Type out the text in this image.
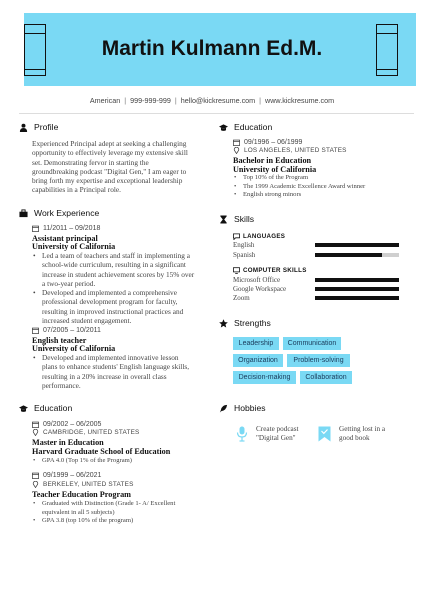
Martin Kulmann Ed.M.
American | 999-999-999 | hello@kickresume.com | www.kickresume.com
Profile
Experienced Principal adept at seeking a challenging
opportunity to effectively leverage my extensive skill
set. Demonstrating fervor in starting the
groundbreaking podcast "Digital Gen," I am eager to
bring forth my expertise and exceptional leadership
capabilities in a Principal role.
Work Experience
11/2011 – 09/2018
Assistant principal
University of California
• Led a team of teachers and staff in implementing a
school-wide curriculum, resulting in a significant
increase in student achievement scores by 15% over
a two-year period.
• Developed and implemented a comprehensive
professional development program for faculty,
resulting in improved instructional practices and
increased student engagement.
07/2005 – 10/2011
English teacher
University of California
• Developed and implemented innovative lesson
plans to enhance students' English language skills,
resulting in a 20% increase in overall class
performance.
Education
09/2002 – 06/2005
CAMBRIDGE, UNITED STATES
Master in Education
Harvard Graduate School of Education
• GPA 4.0 (Top 1% of the Program)
09/1999 – 06/2021
BERKELEY, UNITED STATES
Teacher Education Program
• Graduated with Distinction (Grade 1- A/ Excellent
equivalent in all 5 subjects)
• GPA 3.8 (top 10% of the program)
Education
09/1996 – 06/1999
LOS ANGELES, UNITED STATES
Bachelor in Education
University of California
• Top 10% of the Program
• The 1999 Academic Excellence Award winner
• English strong minors
Skills
LANGUAGES
English
Spanish
COMPUTER SKILLS
Microsoft Office
Google Workspace
Zoom
Strengths
Leadership	Communication
Organization	Problem-solving
Decision-making	Collaboration
Hobbies
Create podcast
"Digital Gen"
Getting lost in a
good book
